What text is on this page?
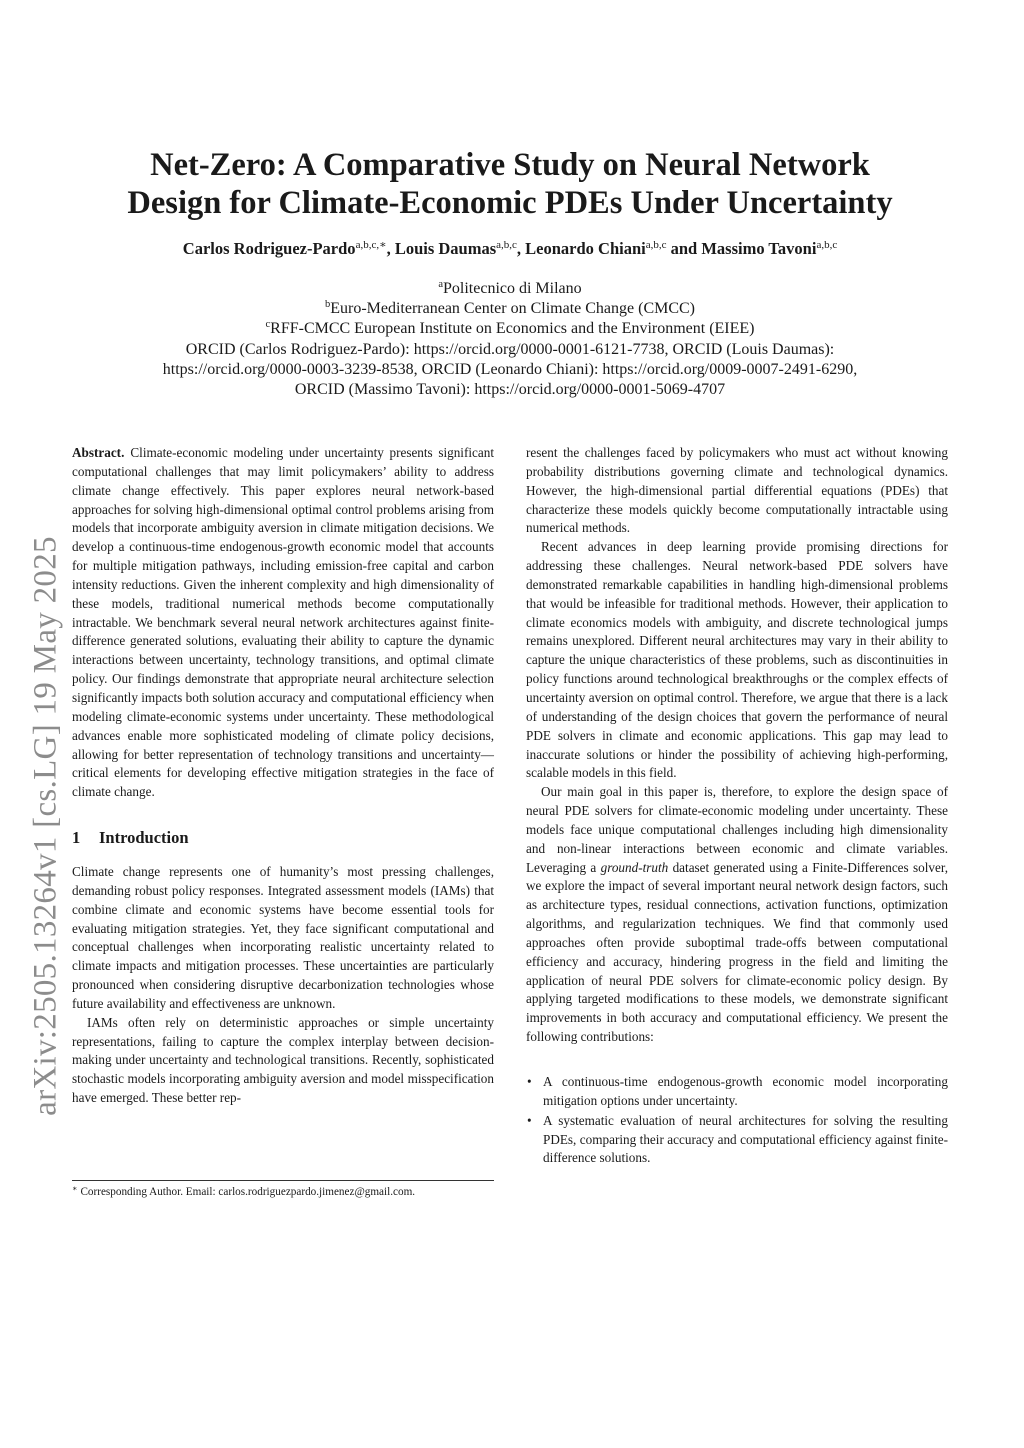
arXiv:2505.13264v1 [cs.LG] 19 May 2025
Net-Zero: A Comparative Study on Neural Network
Design for Climate-Economic PDEs Under Uncertainty
Carlos Rodriguez-Pardo$^{a,b,c,∗}$, Louis Daumas$^{a,b,c}$, Leonardo Chiani$^{a,b,c}$ and Massimo Tavoni$^{a,b,c}$
$^a$Politecnico di Milano
$^b$Euro-Mediterranean Center on Climate Change (CMCC)
$^c$RFF-CMCC European Institute on Economics and the Environment (EIEE)
ORCID (Carlos Rodriguez-Pardo): https://orcid.org/0000-0001-6121-7738, ORCID (Louis Daumas):
https://orcid.org/0000-0003-3239-8538, ORCID (Leonardo Chiani): https://orcid.org/0009-0007-2491-6290,
ORCID (Massimo Tavoni): https://orcid.org/0000-0001-5069-4707

Abstract. Climate-economic modeling under uncertainty presents significant computational challenges that may limit policymakers’ ability to address climate change effectively. This paper explores neural network-based approaches for solving high-dimensional optimal control problems arising from models that incorporate ambiguity aversion in climate mitigation decisions. We develop a continuous-time endogenous-growth economic model that accounts for multiple mitigation pathways, including emission-free capital and carbon intensity reductions. Given the inherent complexity and high dimensionality of these models, traditional numerical methods become computationally intractable. We benchmark several neural network architectures against finite-difference generated solutions, evaluating their ability to capture the dynamic interactions between uncertainty, technology transitions, and optimal climate policy. Our findings demonstrate that appropriate neural architecture selection significantly impacts both solution accuracy and computational efficiency when modeling climate-economic systems under uncertainty. These methodological advances enable more sophisticated modeling of climate policy decisions, allowing for better representation of technology transitions and uncertainty—critical elements for developing effective mitigation strategies in the face of climate change.

1 Introduction

Climate change represents one of humanity’s most pressing challenges, demanding robust policy responses. Integrated assessment models (IAMs) that combine climate and economic systems have become essential tools for evaluating mitigation strategies. Yet, they face significant computational and conceptual challenges when incorporating realistic uncertainty related to climate impacts and mitigation processes. These uncertainties are particularly pronounced when considering disruptive decarbonization technologies whose future availability and effectiveness are unknown.

IAMs often rely on deterministic approaches or simple uncertainty representations, failing to capture the complex interplay between decision-making under uncertainty and technological transitions. Recently, sophisticated stochastic models incorporating ambiguity aversion and model misspecification have emerged. These better rep-

∗ Corresponding Author. Email: carlos.rodriguezpardo.jimenez@gmail.com.

resent the challenges faced by policymakers who must act without knowing probability distributions governing climate and technological dynamics. However, the high-dimensional partial differential equations (PDEs) that characterize these models quickly become computationally intractable using numerical methods.

Recent advances in deep learning provide promising directions for addressing these challenges. Neural network-based PDE solvers have demonstrated remarkable capabilities in handling high-dimensional problems that would be infeasible for traditional methods. However, their application to climate economics models with ambiguity, and discrete technological jumps remains unexplored. Different neural architectures may vary in their ability to capture the unique characteristics of these problems, such as discontinuities in policy functions around technological breakthroughs or the complex effects of uncertainty aversion on optimal control. Therefore, we argue that there is a lack of understanding of the design choices that govern the performance of neural PDE solvers in climate and economic applications. This gap may lead to inaccurate solutions or hinder the possibility of achieving high-performing, scalable models in this field.

Our main goal in this paper is, therefore, to explore the design space of neural PDE solvers for climate-economic modeling under uncertainty. These models face unique computational challenges including high dimensionality and non-linear interactions between economic and climate variables. Leveraging a ground-truth dataset generated using a Finite-Differences solver, we explore the impact of several important neural network design factors, such as architecture types, residual connections, activation functions, optimization algorithms, and regularization techniques. We find that commonly used approaches often provide suboptimal trade-offs between computational efficiency and accuracy, hindering progress in the field and limiting the application of neural PDE solvers for climate-economic policy design. By applying targeted modifications to these models, we demonstrate significant improvements in both accuracy and computational efficiency. We present the following contributions:

• A continuous-time endogenous-growth economic model incorporating mitigation options under uncertainty.
• A systematic evaluation of neural architectures for solving the resulting PDEs, comparing their accuracy and computational efficiency against finite-difference solutions.
